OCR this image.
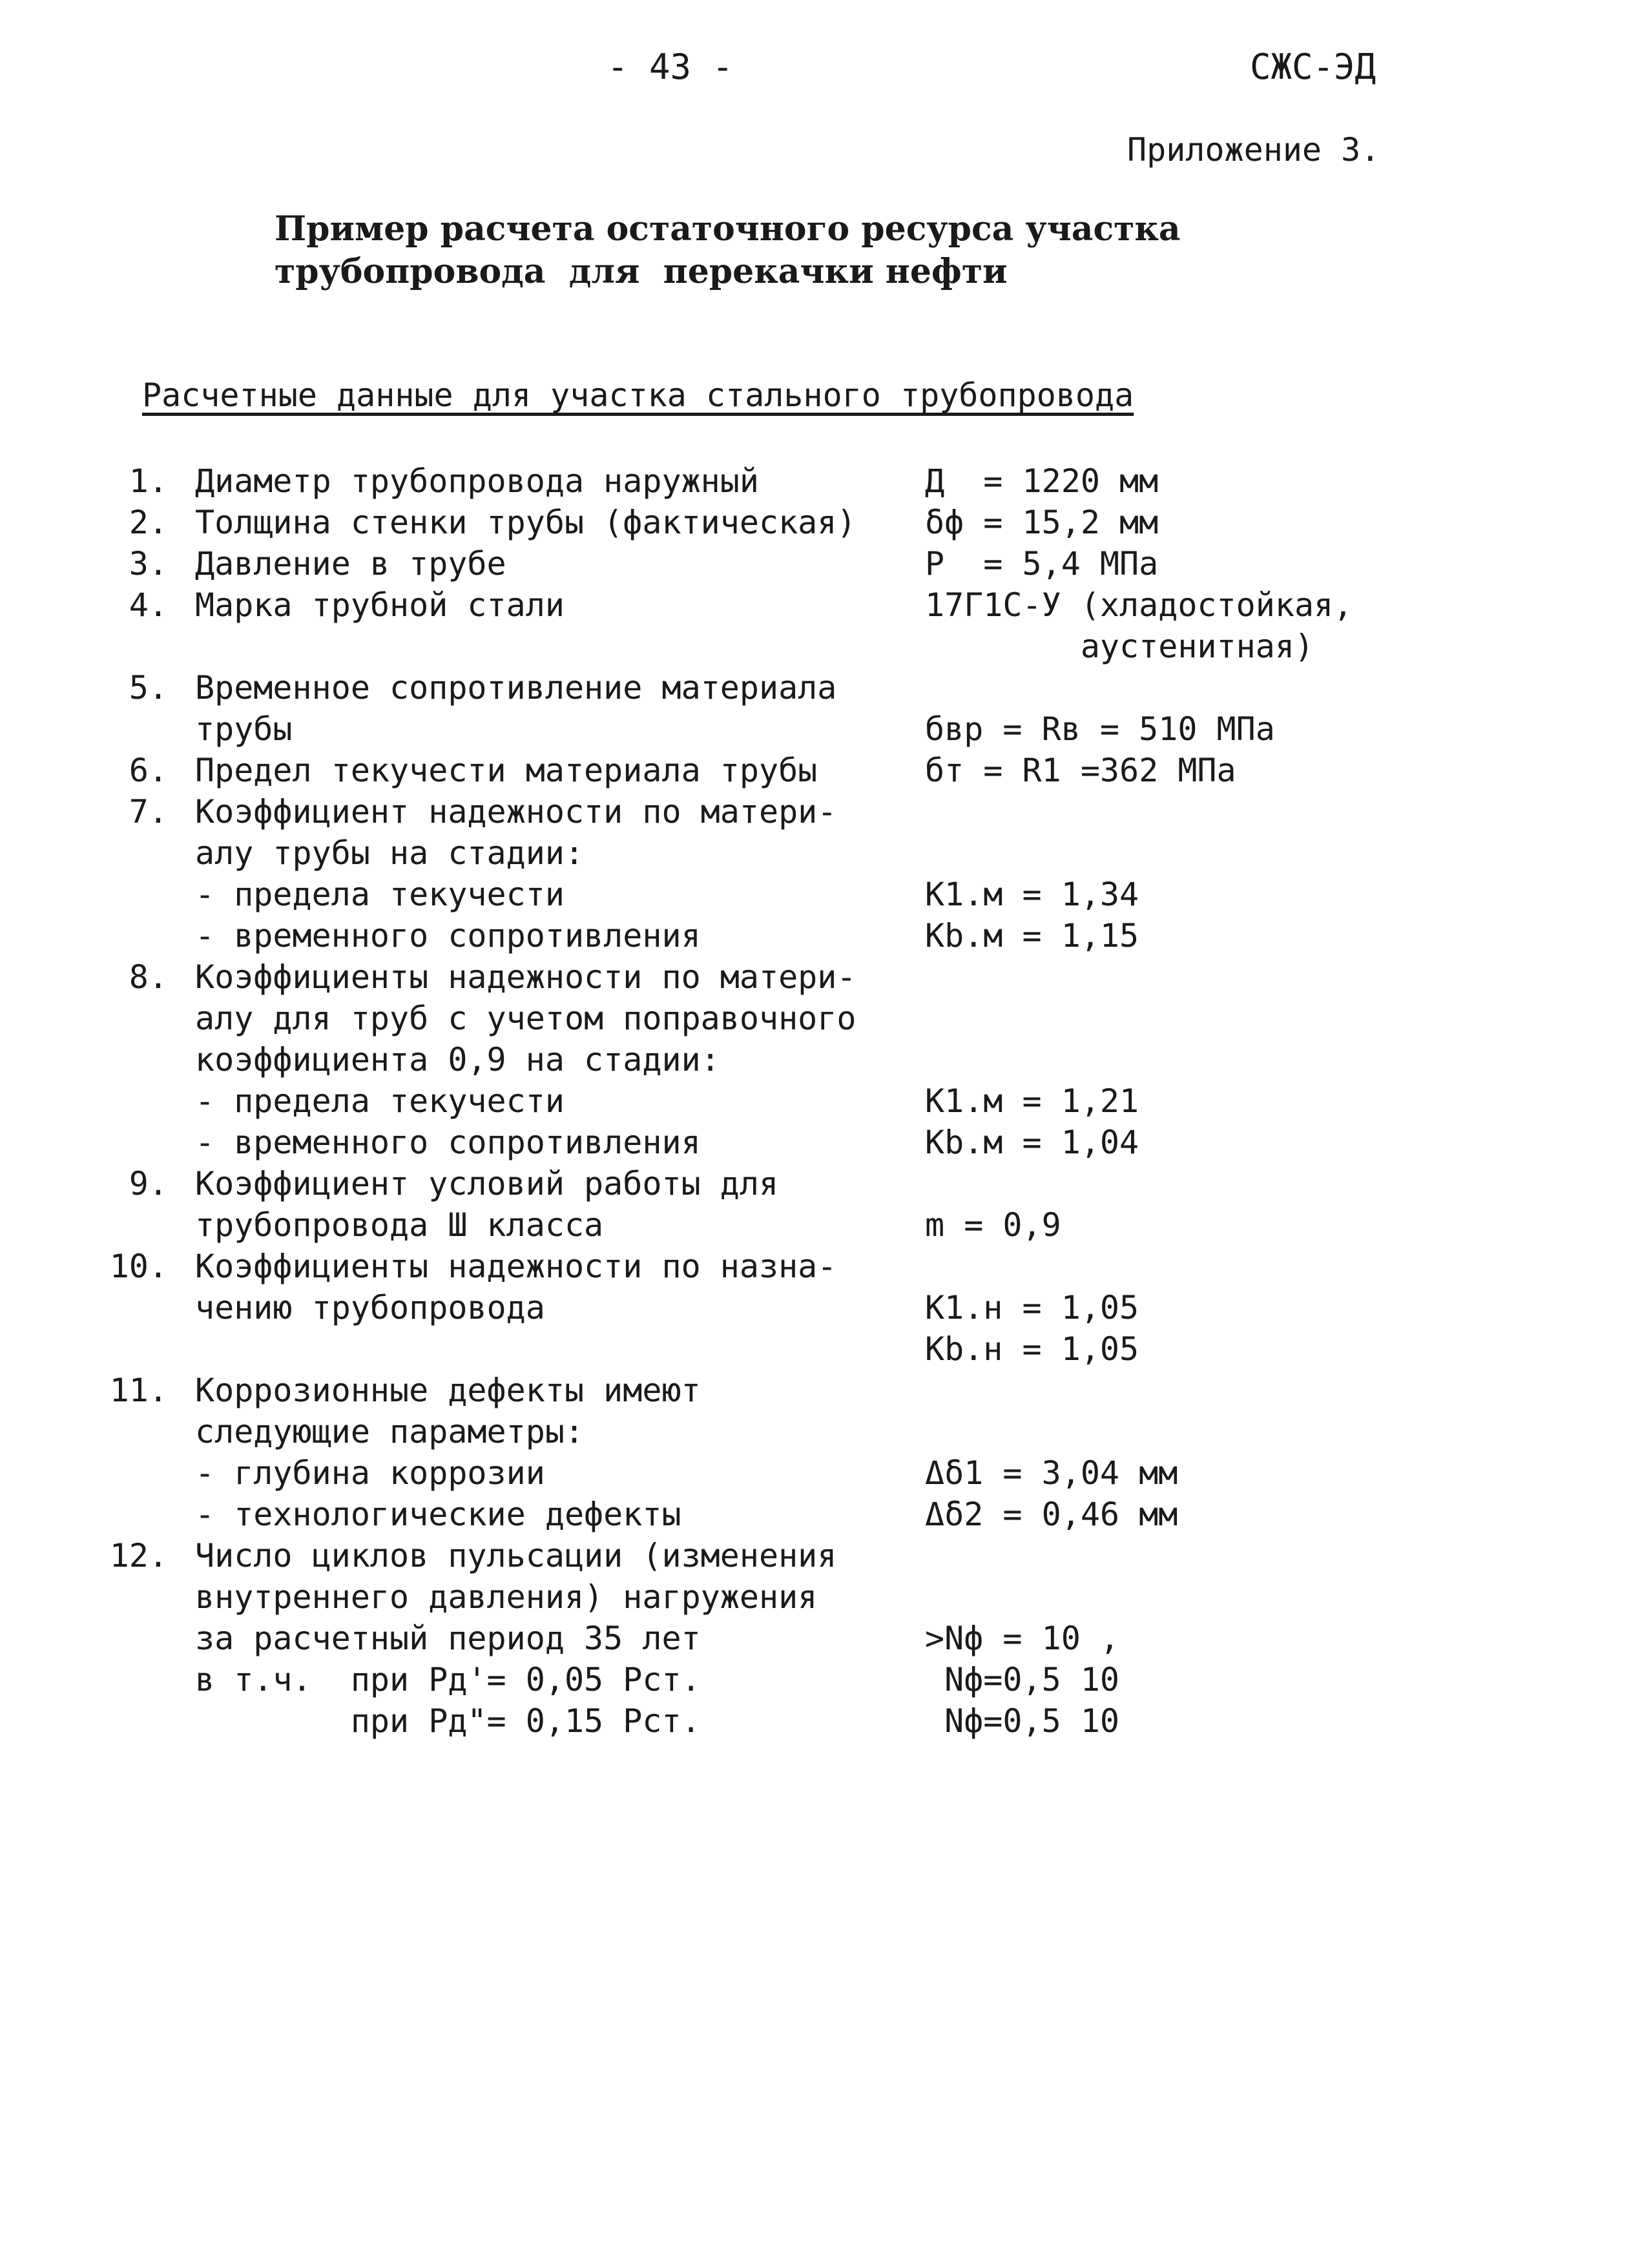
- 43 -	СЖС-ЭД
Приложение 3.
Пример расчета остаточного ресурса участка
трубопровода  для  перекачки нефти
Расчетные данные для участка стального трубопровода
1. Диаметр трубопровода наружный	Д  = 1220 мм
2. Толщина стенки трубы (фактическая) δф = 15,2 мм
3. Давление в трубе	Р  = 5,4 МПа
4. Марка трубной стали	17Г1С-У (хладостойкая,
аустенитная)
5. Временное сопротивление материала
трубы	бвр = Rв = 510 МПа
6. Предел текучести материала трубы	бт = R1 =362 МПа
7. Коэффициент надежности по матери-
алу трубы на стадии:
- предела текучести	К1.м = 1,34
- временного сопротивления	Кb.м = 1,15
8. Коэффициенты надежности по матери-
алу для труб с учетом поправочного
коэффициента 0,9 на стадии:
- предела текучести	К1.м = 1,21
- временного сопротивления	Кb.м = 1,04
9. Коэффициент условий работы для
трубопровода Ш класса	m = 0,9
10. Коэффициенты надежности по назна-
чению трубопровода	К1.н = 1,05
Кb.н = 1,05
11. Коррозионные дефекты имеют
следующие параметры:
- глубина коррозии	Δδ1 = 3,04 мм
- технологические дефекты	Δδ2 = 0,46 мм
12. Число циклов пульсации (изменения
внутреннего давления) нагружения
за расчетный период 35 лет	>Nф = 10 ,
в т.ч.  при Рд'= 0,05 Рст.	Nф=0,5 10
при Рд"= 0,15 Рст.	Nф=0,5 10
